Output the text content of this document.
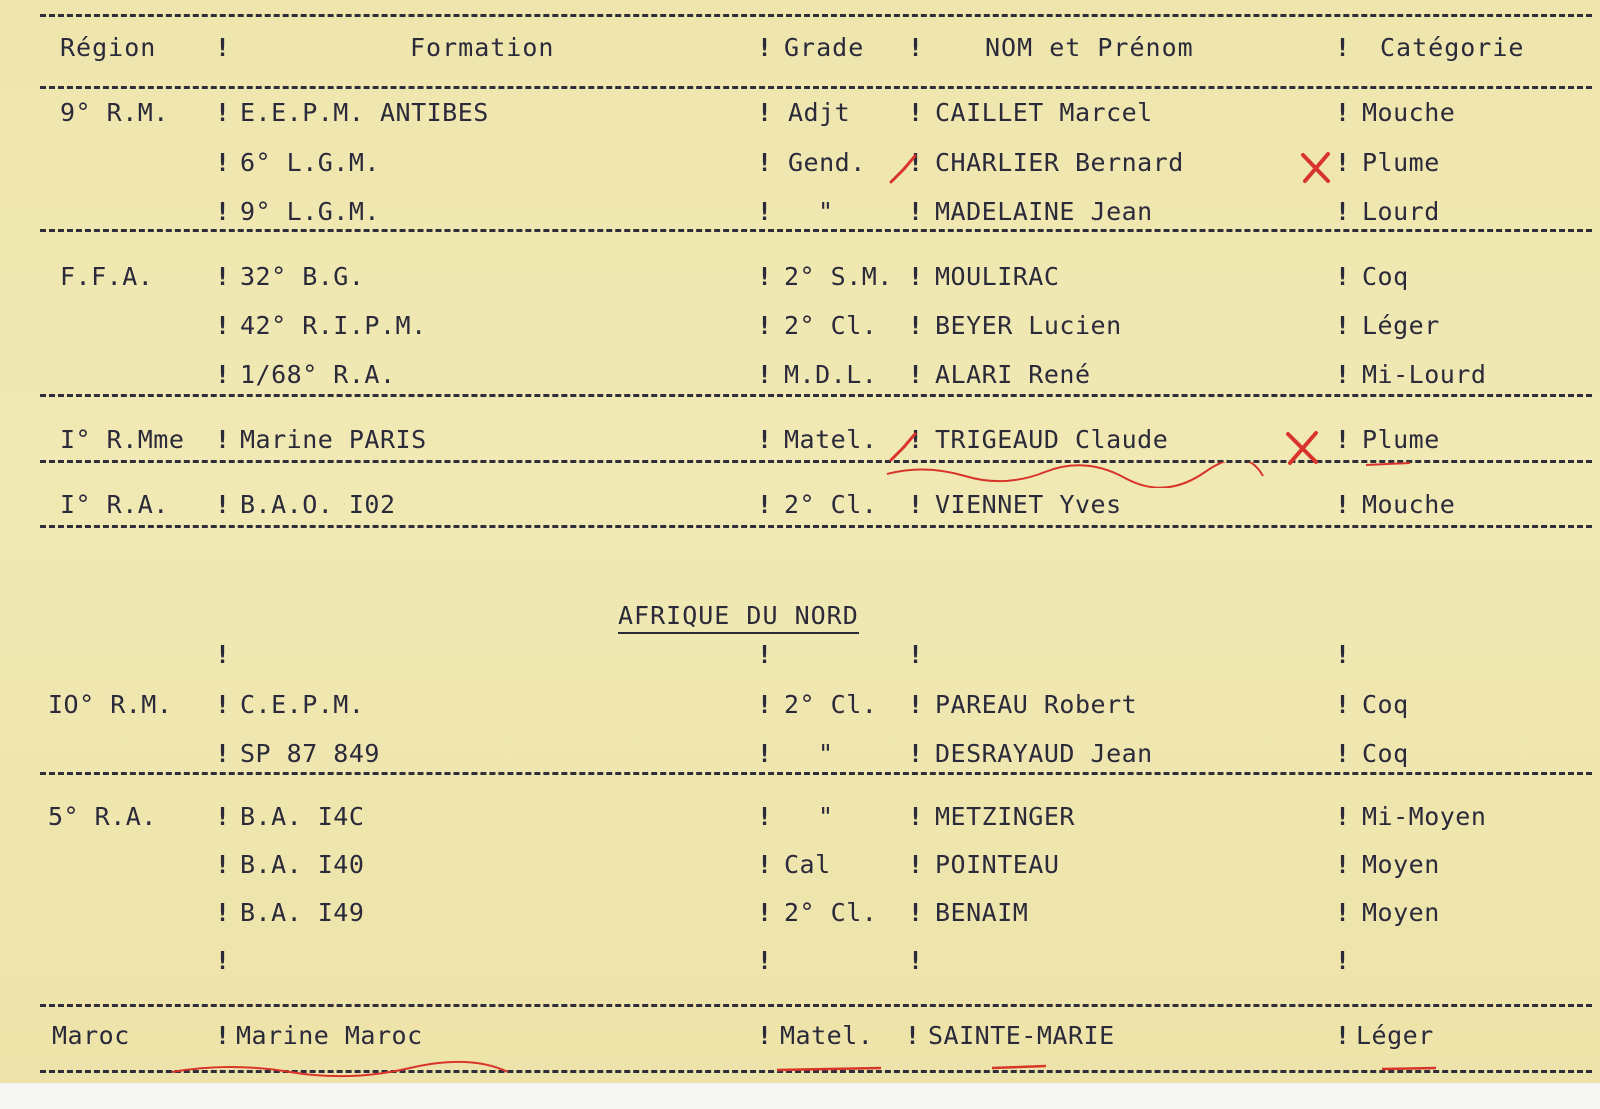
Région !	Formation	! Grade ! NOM et Prénom	! Catégorie
9° R.M. ! E.E.P.M. ANTIBES	! Adjt ! CAILLET Marcel	! Mouche
! 6° L.G.M.	! Gend. ! CHARLIER Bernard	! Plume
! 9° L.G.M.	! "	! MADELAINE Jean	! Lourd
F.F.A. ! 32° B.G.	! 2° S.M. ! MOULIRAC	! Coq
! 42° R.I.P.M.	! 2° Cl. ! BEYER Lucien	! Léger
! 1/68° R.A.	! M.D.L. ! ALARI René	! Mi-Lourd
I° R.Mme ! Marine PARIS	! Matel. ! TRIGEAUD Claude	! Plume
I° R.A. ! B.A.O. I02	! 2° Cl. ! VIENNET Yves	! Mouche
AFRIQUE DU NORD
!	!	!	!
IO° R.M. ! C.E.P.M.	! 2° Cl. ! PAREAU Robert	! Coq
! SP 87 849	! "	! DESRAYAUD Jean	! Coq
5° R.A. ! B.A. I4C	! "	! METZINGER	! Mi-Moyen
! B.A. I40	! Cal	! POINTEAU	! Moyen
! B.A. I49	! 2° Cl. ! BENAIM	! Moyen
!	!	!	!
Maroc	! Marine Maroc	! Matel. ! SAINTE-MARIE	! Léger
